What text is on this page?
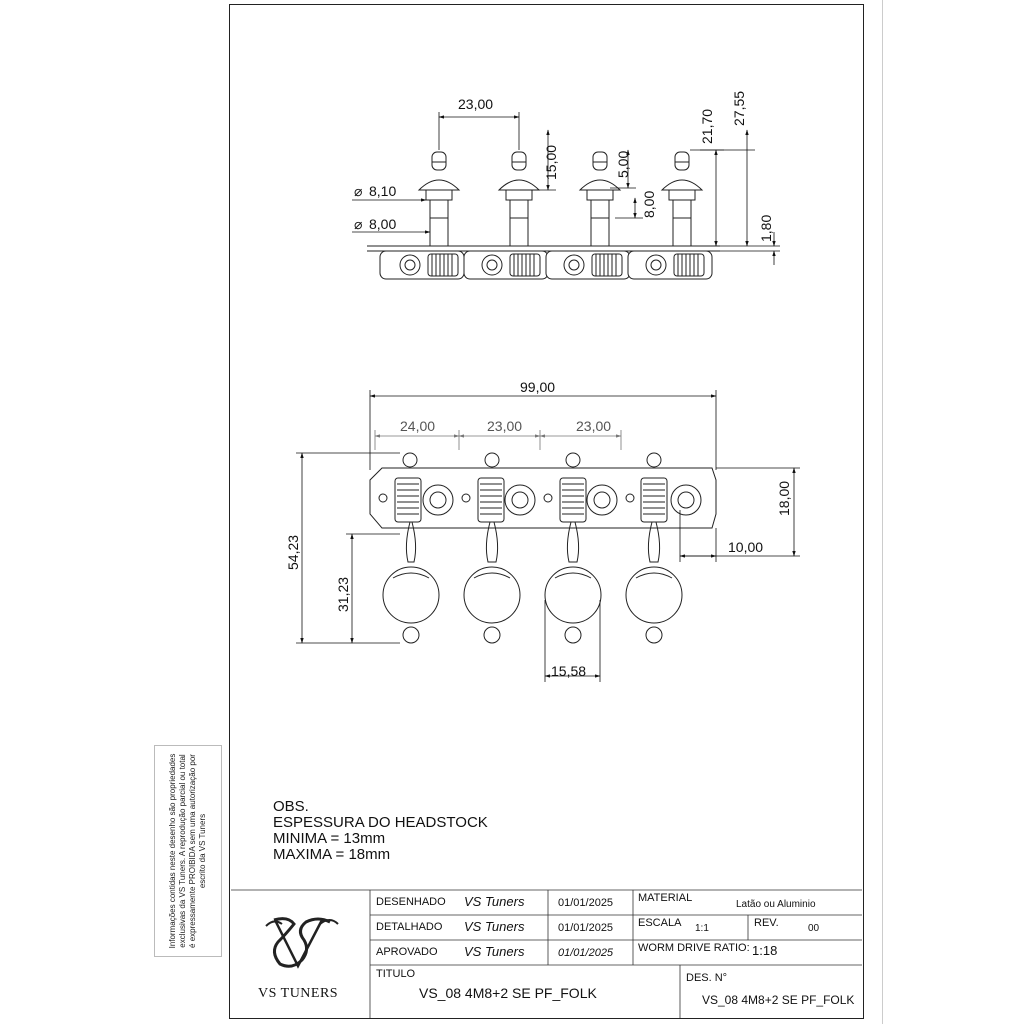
Informações contidas neste desenho são propriedades exclusivas da VS Tuners. A reprodução parcial ou total é expressamente PROIBIDA sem uma autorização por escrito da VS Tuners
23,00
15,00	5,00
8,00
21,70
27,55
1,80
⌀ 8,10
⌀ 8,00
99,00
24,00	23,00	23,00
54,23
31,23
18,00
10,00
15,58
VS TUNERS
DESENHADO VS Tuners	01/01/2025
DETALHADO VS Tuners	01/01/2025
APROVADO VS Tuners	01/01/2025
MATERIAL
Latão ou Aluminio
ESCALA 1:1	REV.	00
WORM DRIVE RATIO: 1:18
TITULO
VS_08 4M8+2 SE PF_FOLK
DES. N°
VS_08 4M8+2 SE PF_FOLK
OBS.
ESPESSURA DO HEADSTOCK
MINIMA = 13mm
MAXIMA = 18mm
